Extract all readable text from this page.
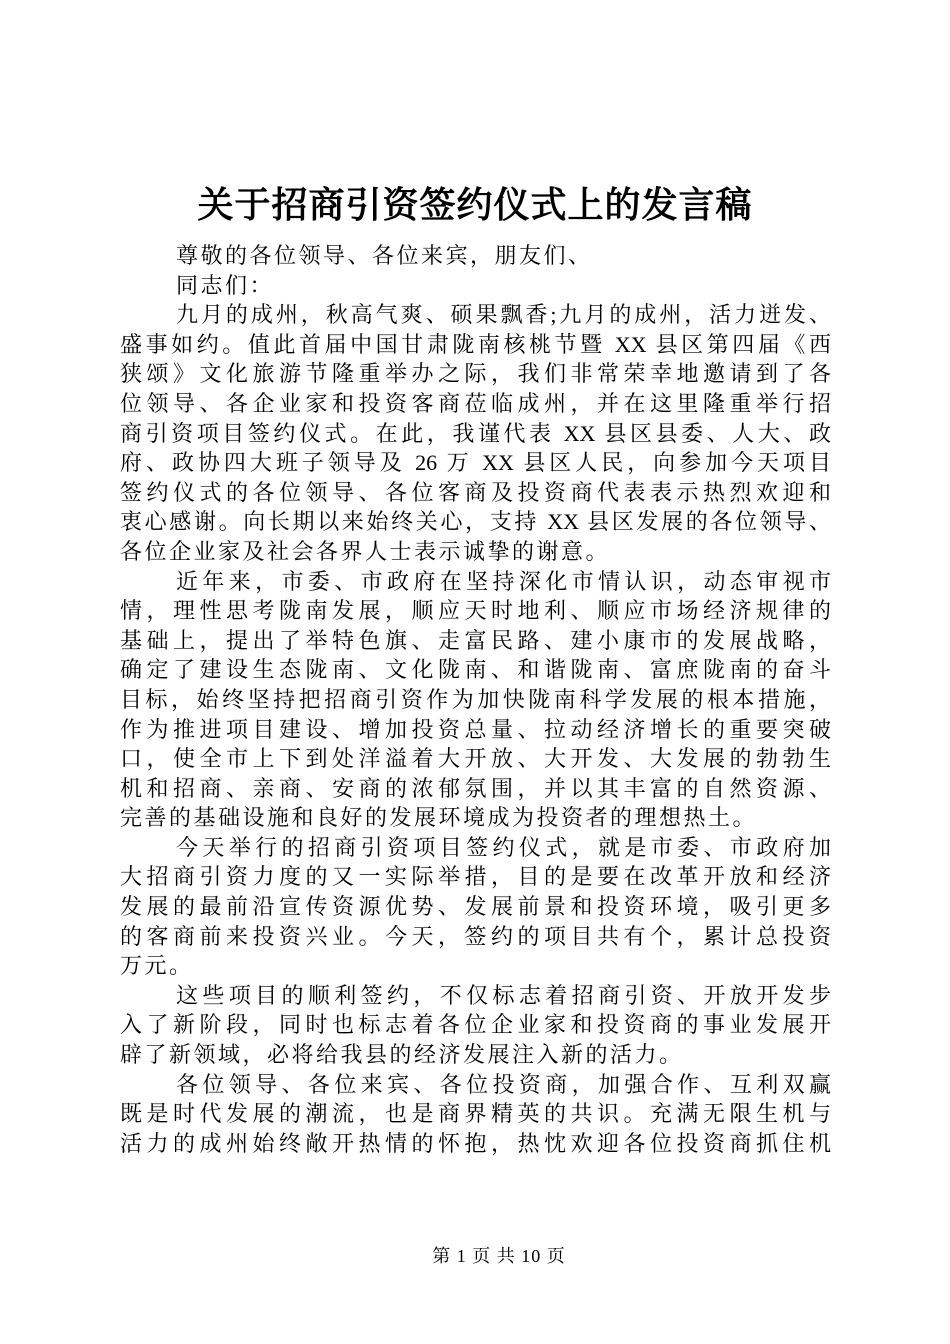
关于招商引资签约仪式上的发言稿
尊敬的各位领导、各位来宾，朋友们、
同志们：
九月的成州，秋高气爽、硕果飘香;九月的成州，活力迸发、
盛事如约。值此首届中国甘肃陇南核桃节暨 XX 县区第四届《西
狭颂》文化旅游节隆重举办之际，我们非常荣幸地邀请到了各
位领导、各企业家和投资客商莅临成州，并在这里隆重举行招
商引资项目签约仪式。在此，我谨代表 XX 县区县委、人大、政
府、政协四大班子领导及 26 万 XX 县区人民，向参加今天项目
签约仪式的各位领导、各位客商及投资商代表表示热烈欢迎和
衷心感谢。向长期以来始终关心，支持 XX 县区发展的各位领导、
各位企业家及社会各界人士表示诚挚的谢意。
近年来，市委、市政府在坚持深化市情认识，动态审视市
情，理性思考陇南发展，顺应天时地利、顺应市场经济规律的
基础上，提出了举特色旗、走富民路、建小康市的发展战略，
确定了建设生态陇南、文化陇南、和谐陇南、富庶陇南的奋斗
目标，始终坚持把招商引资作为加快陇南科学发展的根本措施，
作为推进项目建设、增加投资总量、拉动经济增长的重要突破
口，使全市上下到处洋溢着大开放、大开发、大发展的勃勃生
机和招商、亲商、安商的浓郁氛围，并以其丰富的自然资源、
完善的基础设施和良好的发展环境成为投资者的理想热土。
今天举行的招商引资项目签约仪式，就是市委、市政府加
大招商引资力度的又一实际举措，目的是要在改革开放和经济
发展的最前沿宣传资源优势、发展前景和投资环境，吸引更多
的客商前来投资兴业。今天，签约的项目共有个，累计总投资
万元。
这些项目的顺利签约，不仅标志着招商引资、开放开发步
入了新阶段，同时也标志着各位企业家和投资商的事业发展开
辟了新领域，必将给我县的经济发展注入新的活力。
各位领导、各位来宾、各位投资商，加强合作、互利双赢
既是时代发展的潮流，也是商界精英的共识。充满无限生机与
活力的成州始终敞开热情的怀抱，热忱欢迎各位投资商抓住机
第 1 页 共 10 页
